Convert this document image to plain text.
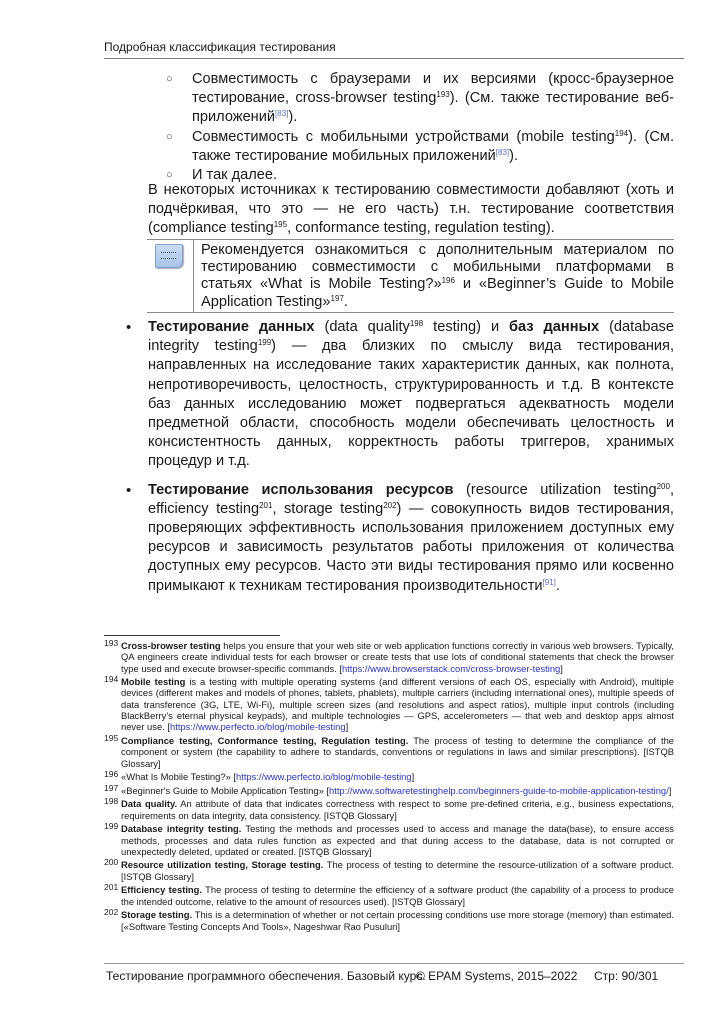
Подробная классификация тестирования
○ Совместимость с браузерами и их версиями (кросс-браузерное тестирование, cross-browser testing$^{193}$). (См. также тестирование веб-приложений[83]).
○ Совместимость с мобильными устройствами (mobile testing$^{194}$). (См. также тестирование мобильных приложений[83]).
○ И так далее.

В некоторых источниках к тестированию совместимости добавляют (хоть и подчёркивая, что это — не его часть) т.н. тестирование соответствия (compliance testing$^{195}$, conformance testing, regulation testing).

Рекомендуется ознакомиться с дополнительным материалом по тестированию совместимости с мобильными платформами в статьях «What is Mobile Testing?»$^{196}$ и «Beginner’s Guide to Mobile Application Testing»$^{197}$.
• Тестирование данных (data quality$^{198}$ testing) и баз данных (database integrity testing$^{199}$) — два близких по смыслу вида тестирования, направленных на исследование таких характеристик данных, как полнота, непротиворечивость, целостность, структурированность и т.д. В контексте баз данных исследованию может подвергаться адекватность модели предметной области, способность модели обеспечивать целостность и консистентность данных, корректность работы триггеров, хранимых процедур и т.д.
• Тестирование использования ресурсов (resource utilization testing$^{200}$, efficiency testing$^{201}$, storage testing$^{202}$) — совокупность видов тестирования, проверяющих эффективность использования приложением доступных ему ресурсов и зависимость результатов работы приложения от количества доступных ему ресурсов. Часто эти виды тестирования прямо или косвенно примыкают к техникам тестирования производительности[91].
193 Cross-browser testing helps you ensure that your web site or web application functions correctly in various web browsers. Typically, QA engineers create individual tests for each browser or create tests that use lots of conditional statements that check the browser type used and execute browser-specific commands. [https://www.browserstack.com/cross-browser-testing]
194 Mobile testing is a testing with multiple operating systems (and different versions of each OS, especially with Android), multiple devices (different makes and models of phones, tablets, phablets), multiple carriers (including international ones), multiple speeds of data transference (3G, LTE, Wi-Fi), multiple screen sizes (and resolutions and aspect ratios), multiple input controls (including BlackBerry’s eternal physical keypads), and multiple technologies — GPS, accelerometers — that web and desktop apps almost never use. [https://www.perfecto.io/blog/mobile-testing]
195 Compliance testing, Conformance testing, Regulation testing. The process of testing to determine the compliance of the component or system (the capability to adhere to standards, conventions or regulations in laws and similar prescriptions). [ISTQB Glossary]
196 «What Is Mobile Testing?» [https://www.perfecto.io/blog/mobile-testing]
197 «Beginner's Guide to Mobile Application Testing» [http://www.softwaretestinghelp.com/beginners-guide-to-mobile-application-testing/]
198 Data quality. An attribute of data that indicates correctness with respect to some pre-defined criteria, e.g., business expectations, requirements on data integrity, data consistency. [ISTQB Glossary]
199 Database integrity testing. Testing the methods and processes used to access and manage the data(base), to ensure access methods, processes and data rules function as expected and that during access to the database, data is not corrupted or unexpectedly deleted, updated or created. [ISTQB Glossary]
200 Resource utilization testing, Storage testing. The process of testing to determine the resource-utilization of a software product. [ISTQB Glossary]
201 Efficiency testing. The process of testing to determine the efficiency of a software product (the capability of a process to produce the intended outcome, relative to the amount of resources used). [ISTQB Glossary]
202 Storage testing. This is a determination of whether or not certain processing conditions use more storage (memory) than estimated. [«Software Testing Concepts And Tools», Nageshwar Rao Pusuluri]
Тестирование программного обеспечения. Базовый курс.
© EPAM Systems, 2015–2022 Стр: 90/301
